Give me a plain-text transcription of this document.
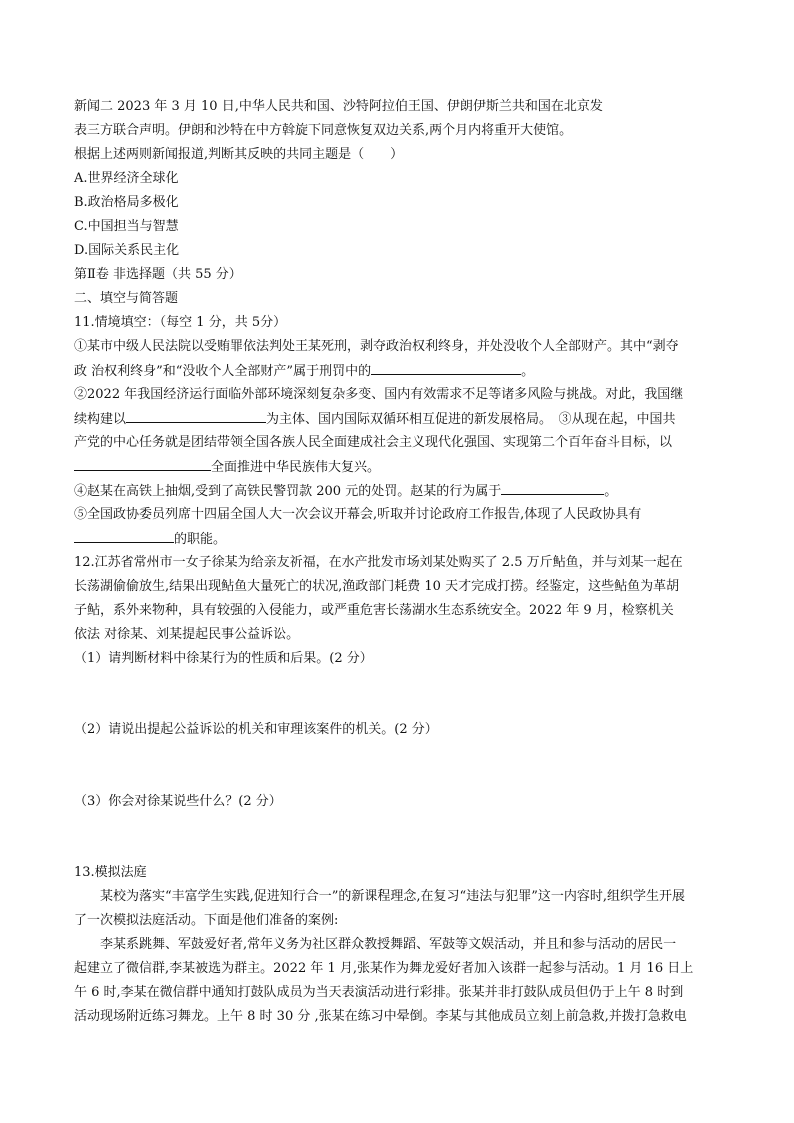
新闻二 2023 年 3 月 10 日,中华人民共和国、沙特阿拉伯王国、伊朗伊斯兰共和国在北京发
表三方联合声明。伊朗和沙特在中方斡旋下同意恢复双边关系,两个月内将重开大使馆。
根据上述两则新闻报道,判断其反映的共同主题是（　　）
A.世界经济全球化
B.政治格局多极化
C.中国担当与智慧
D.国际关系民主化
第Ⅱ卷 非选择题（共 55 分）
二、填空与简答题
11.情境填空：（每空 1 分，共 5分）
①某市中级人民法院以受贿罪依法判处王某死刑，剥夺政治权利终身，并处没收个人全部财产。其中“剥夺
政 治权利终身”和“没收个人全部财产”属于刑罚中的	。
②2022 年我国经济运行面临外部环境深刻复杂多变、国内有效需求不足等诸多风险与挑战。对此，我国继
续构建以	为主体、国内国际双循环相互促进的新发展格局。　③从现在起，中国共
产党的中心任务就是团结带领全国各族人民全面建成社会主义现代化强国、实现第二个百年奋斗目标，以
全面推进中华民族伟大复兴。
④赵某在高铁上抽烟,受到了高铁民警罚款 200 元的处罚。赵某的行为属于	。
⑤全国政协委员列席十四届全国人大一次会议开幕会,听取并讨论政府工作报告,体现了人民政协具有
的职能。
12.江苏省常州市一女子徐某为给亲友祈福，在水产批发市场刘某处购买了 2.5 万斤鲇鱼，并与刘某一起在
长荡湖偷偷放生,结果出现鲇鱼大量死亡的状况,渔政部门耗费 10 天才完成打捞。经鉴定，这些鲇鱼为革胡
子鲇，系外来物种，具有较强的入侵能力，或严重危害长荡湖水生态系统安全。2022 年 9 月，检察机关
依法 对徐某、刘某提起民事公益诉讼。
（1）请判断材料中徐某行为的性质和后果。(2 分）
（2）请说出提起公益诉讼的机关和审理该案件的机关。(2 分）
（3）你会对徐某说些什么？(2 分）
13.模拟法庭
某校为落实“丰富学生实践,促进知行合一”的新课程理念,在复习“违法与犯罪”这一内容时,组织学生开展
了一次模拟法庭活动。下面是他们准备的案例:
李某系跳舞、军鼓爱好者,常年义务为社区群众教授舞蹈、军鼓等文娱活动，并且和参与活动的居民一
起建立了微信群,李某被选为群主。2022 年 1 月,张某作为舞龙爱好者加入该群一起参与活动。1 月 16 日上
午 6 时,李某在微信群中通知打鼓队成员为当天表演活动进行彩排。张某并非打鼓队成员但仍于上午 8 时到
活动现场附近练习舞龙。上午 8 时 30 分 ,张某在练习中晕倒。李某与其他成员立刻上前急救,并拨打急救电
